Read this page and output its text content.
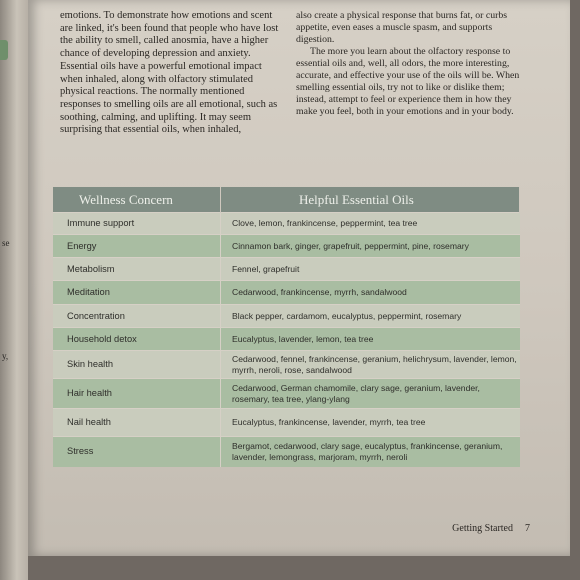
se
y,

emotions. To demonstrate how emotions and scent are linked, it's been found that people who have lost the ability to smell, called anosmia, have a higher chance of developing depression and anxiety. Essential oils have a powerful emotional impact when inhaled, along with olfactory stimulated physical reactions. The normally mentioned responses to smelling oils are all emotional, such as soothing, calming, and uplifting. It may seem surprising that essential oils, when inhaled,

also create a physical response that burns fat, or curbs appetite, even eases a muscle spasm, and supports digestion.

The more you learn about the olfactory response to essential oils and, well, all odors, the more interesting, accurate, and effective your use of the oils will be. When smelling essential oils, try not to like or dislike them; instead, attempt to feel or experience them in how they make you feel, both in your emotions and in your body.

Wellness Concern	Helpful Essential Oils
Immune support	Clove, lemon, frankincense, peppermint, tea tree
Energy	Cinnamon bark, ginger, grapefruit, peppermint, pine, rosemary
Metabolism	Fennel, grapefruit
Meditation	Cedarwood, frankincense, myrrh, sandalwood
Concentration	Black pepper, cardamom, eucalyptus, peppermint, rosemary
Household detox	Eucalyptus, lavender, lemon, tea tree
Skin health	Cedarwood, fennel, frankincense, geranium, helichrysum, lavender, lemon, myrrh, neroli, rose, sandalwood
Hair health	Cedarwood, German chamomile, clary sage, geranium, lavender, rosemary, tea tree, ylang-ylang
Nail health	Eucalyptus, frankincense, lavender, myrrh, tea tree
Stress	Bergamot, cedarwood, clary sage, eucalyptus, frankincense, geranium, lavender, lemongrass, marjoram, myrrh, neroli
Getting Started 7
